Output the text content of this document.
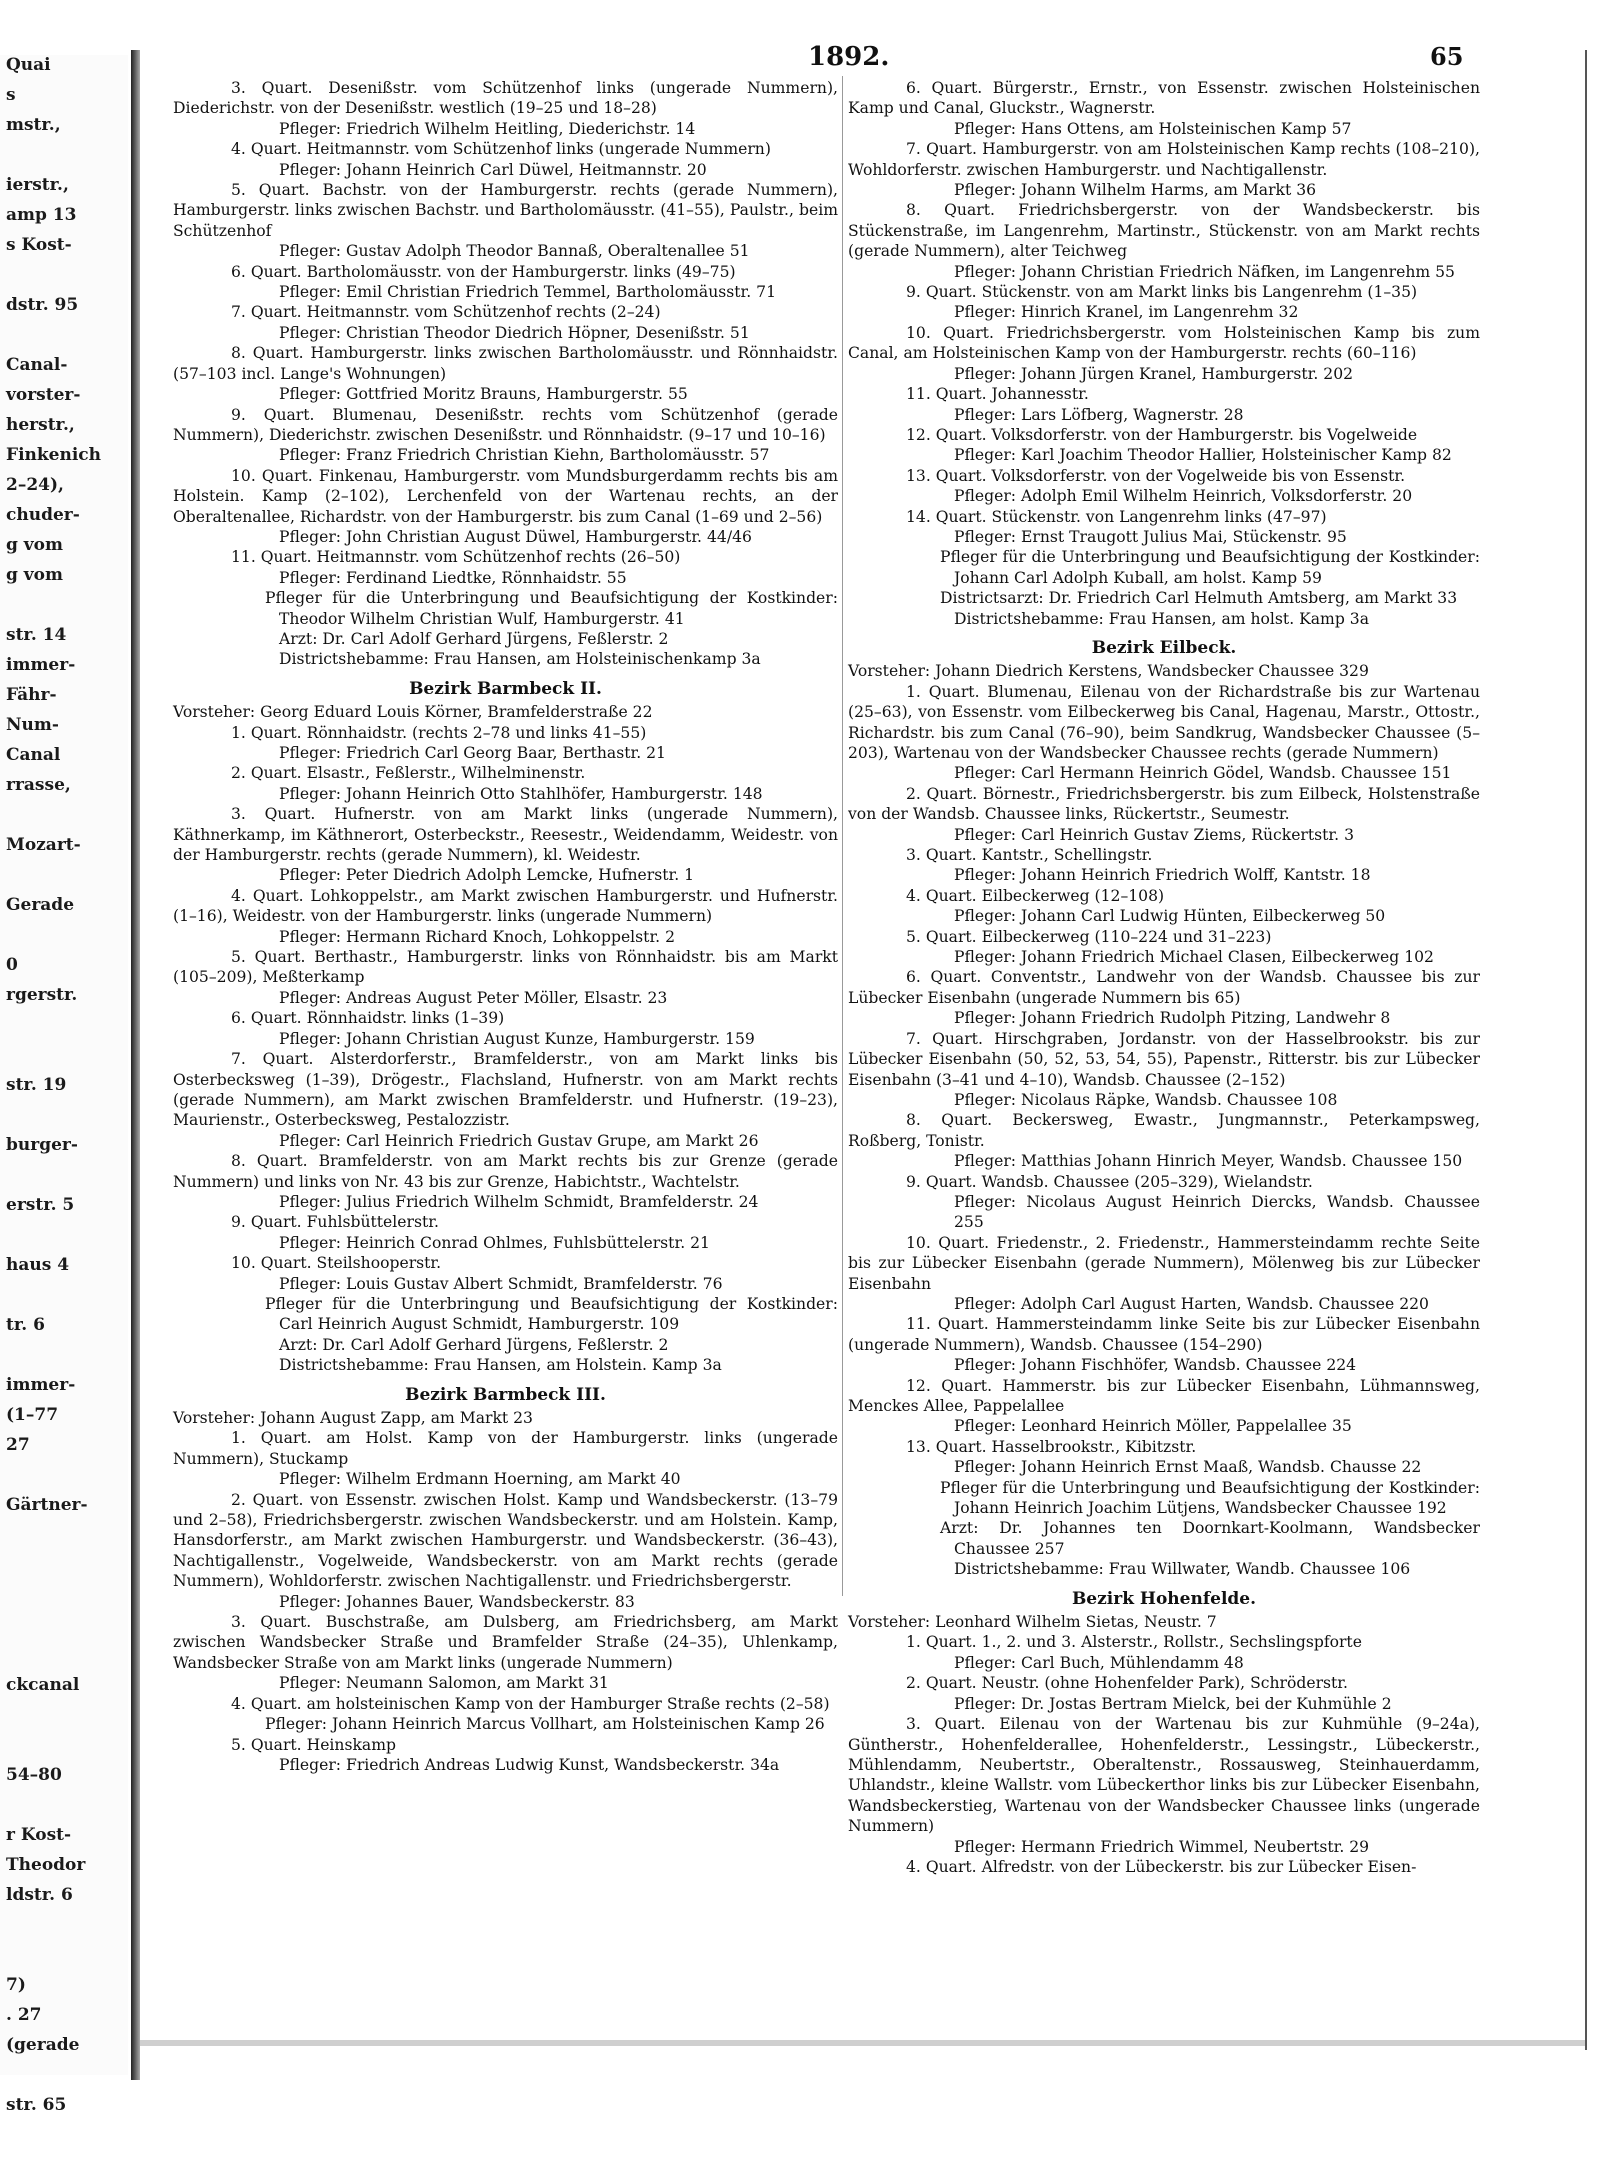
Quai
s
mstr.,
ierstr.,
amp 13
s Kost-
dstr. 95
Canal-
vorster-
herstr.,
Finkenich
2–24),
chuder-
g vom
g vom
str. 14
immer-
Fähr-
Num-
Canal
rrasse,
Mozart-
Gerade
0
rgerstr.
str. 19
burger-
erstr. 5
haus 4
tr. 6
immer-
(1–77
27
Gärtner-
ckcanal
54–80
r Kost-
Theodor
ldstr. 6
7)
. 27
(gerade
str. 65
1892.	65

3. Quart. Desenißstr. vom Schützenhof links (ungerade Nummern), Diederichstr. von der Desenißstr. westlich (19–25 und 18–28)

Pfleger: Friedrich Wilhelm Heitling, Diederichstr. 14

4. Quart. Heitmannstr. vom Schützenhof links (ungerade Nummern)

Pfleger: Johann Heinrich Carl Düwel, Heitmannstr. 20

5. Quart. Bachstr. von der Hamburgerstr. rechts (gerade Nummern), Hamburgerstr. links zwischen Bachstr. und Bartholomäusstr. (41–55), Paulstr., beim Schützenhof

Pfleger: Gustav Adolph Theodor Bannaß, Oberaltenallee 51

6. Quart. Bartholomäusstr. von der Hamburgerstr. links (49–75)

Pfleger: Emil Christian Friedrich Temmel, Bartholomäusstr. 71

7. Quart. Heitmannstr. vom Schützenhof rechts (2–24)

Pfleger: Christian Theodor Diedrich Höpner, Desenißstr. 51

8. Quart. Hamburgerstr. links zwischen Bartholomäusstr. und Rönnhaidstr. (57–103 incl. Lange's Wohnungen)

Pfleger: Gottfried Moritz Brauns, Hamburgerstr. 55

9. Quart. Blumenau, Desenißstr. rechts vom Schützenhof (gerade Nummern), Diederichstr. zwischen Desenißstr. und Rönnhaidstr. (9–17 und 10–16)

Pfleger: Franz Friedrich Christian Kiehn, Bartholomäusstr. 57

10. Quart. Finkenau, Hamburgerstr. vom Mundsburgerdamm rechts bis am Holstein. Kamp (2–102), Lerchenfeld von der Wartenau rechts, an der Oberaltenallee, Richardstr. von der Hamburgerstr. bis zum Canal (1–69 und 2–56)

Pfleger: John Christian August Düwel, Hamburgerstr. 44/46

11. Quart. Heitmannstr. vom Schützenhof rechts (26–50)

Pfleger: Ferdinand Liedtke, Rönnhaidstr. 55

Pfleger für die Unterbringung und Beaufsichtigung der Kostkinder: Theodor Wilhelm Christian Wulf, Hamburgerstr. 41

Arzt: Dr. Carl Adolf Gerhard Jürgens, Feßlerstr. 2

Districtshebamme: Frau Hansen, am Holsteinischenkamp 3a

Bezirk Barmbeck II.

Vorsteher: Georg Eduard Louis Körner, Bramfelderstraße 22

1. Quart. Rönnhaidstr. (rechts 2–78 und links 41–55)

Pfleger: Friedrich Carl Georg Baar, Berthastr. 21

2. Quart. Elsastr., Feßlerstr., Wilhelminenstr.

Pfleger: Johann Heinrich Otto Stahlhöfer, Hamburgerstr. 148

3. Quart. Hufnerstr. von am Markt links (ungerade Nummern), Käthnerkamp, im Käthnerort, Osterbeckstr., Reesestr., Weidendamm, Weidestr. von der Hamburgerstr. rechts (gerade Nummern), kl. Weidestr.

Pfleger: Peter Diedrich Adolph Lemcke, Hufnerstr. 1

4. Quart. Lohkoppelstr., am Markt zwischen Hamburgerstr. und Hufnerstr. (1–16), Weidestr. von der Hamburgerstr. links (ungerade Nummern)

Pfleger: Hermann Richard Knoch, Lohkoppelstr. 2

5. Quart. Berthastr., Hamburgerstr. links von Rönnhaidstr. bis am Markt (105–209), Meßterkamp

Pfleger: Andreas August Peter Möller, Elsastr. 23

6. Quart. Rönnhaidstr. links (1–39)

Pfleger: Johann Christian August Kunze, Hamburgerstr. 159

7. Quart. Alsterdorferstr., Bramfelderstr., von am Markt links bis Osterbecksweg (1–39), Drögestr., Flachsland, Hufnerstr. von am Markt rechts (gerade Nummern), am Markt zwischen Bramfelderstr. und Hufnerstr. (19–23), Maurienstr., Osterbecksweg, Pestalozzistr.

Pfleger: Carl Heinrich Friedrich Gustav Grupe, am Markt 26

8. Quart. Bramfelderstr. von am Markt rechts bis zur Grenze (gerade Nummern) und links von Nr. 43 bis zur Grenze, Habichtstr., Wachtelstr.

Pfleger: Julius Friedrich Wilhelm Schmidt, Bramfelderstr. 24

9. Quart. Fuhlsbüttelerstr.

Pfleger: Heinrich Conrad Ohlmes, Fuhlsbüttelerstr. 21

10. Quart. Steilshooperstr.

Pfleger: Louis Gustav Albert Schmidt, Bramfelderstr. 76

Pfleger für die Unterbringung und Beaufsichtigung der Kostkinder: Carl Heinrich August Schmidt, Hamburgerstr. 109

Arzt: Dr. Carl Adolf Gerhard Jürgens, Feßlerstr. 2

Districtshebamme: Frau Hansen, am Holstein. Kamp 3a

Bezirk Barmbeck III.

Vorsteher: Johann August Zapp, am Markt 23

1. Quart. am Holst. Kamp von der Hamburgerstr. links (ungerade Nummern), Stuckamp

Pfleger: Wilhelm Erdmann Hoerning, am Markt 40

2. Quart. von Essenstr. zwischen Holst. Kamp und Wandsbeckerstr. (13–79 und 2–58), Friedrichsbergerstr. zwischen Wandsbeckerstr. und am Holstein. Kamp, Hansdorferstr., am Markt zwischen Hamburgerstr. und Wandsbeckerstr. (36–43), Nachtigallenstr., Vogelweide, Wandsbeckerstr. von am Markt rechts (gerade Nummern), Wohldorferstr. zwischen Nachtigallenstr. und Friedrichsbergerstr.

Pfleger: Johannes Bauer, Wandsbeckerstr. 83

3. Quart. Buschstraße, am Dulsberg, am Friedrichsberg, am Markt zwischen Wandsbecker Straße und Bramfelder Straße (24–35), Uhlenkamp, Wandsbecker Straße von am Markt links (ungerade Nummern)

Pfleger: Neumann Salomon, am Markt 31

4. Quart. am holsteinischen Kamp von der Hamburger Straße rechts (2–58)

Pfleger: Johann Heinrich Marcus Vollhart, am Holsteinischen Kamp 26

5. Quart. Heinskamp

Pfleger: Friedrich Andreas Ludwig Kunst, Wandsbeckerstr. 34a

6. Quart. Bürgerstr., Ernstr., von Essenstr. zwischen Holsteinischen Kamp und Canal, Gluckstr., Wagnerstr.

Pfleger: Hans Ottens, am Holsteinischen Kamp 57

7. Quart. Hamburgerstr. von am Holsteinischen Kamp rechts (108–210), Wohldorferstr. zwischen Hamburgerstr. und Nachtigallenstr.

Pfleger: Johann Wilhelm Harms, am Markt 36

8. Quart. Friedrichsbergerstr. von der Wandsbeckerstr. bis Stückenstraße, im Langenrehm, Martinstr., Stückenstr. von am Markt rechts (gerade Nummern), alter Teichweg

Pfleger: Johann Christian Friedrich Näfken, im Langenrehm 55

9. Quart. Stückenstr. von am Markt links bis Langenrehm (1–35)

Pfleger: Hinrich Kranel, im Langenrehm 32

10. Quart. Friedrichsbergerstr. vom Holsteinischen Kamp bis zum Canal, am Holsteinischen Kamp von der Hamburgerstr. rechts (60–116)

Pfleger: Johann Jürgen Kranel, Hamburgerstr. 202

11. Quart. Johannesstr.

Pfleger: Lars Löfberg, Wagnerstr. 28

12. Quart. Volksdorferstr. von der Hamburgerstr. bis Vogelweide

Pfleger: Karl Joachim Theodor Hallier, Holsteinischer Kamp 82

13. Quart. Volksdorferstr. von der Vogelweide bis von Essenstr.

Pfleger: Adolph Emil Wilhelm Heinrich, Volksdorferstr. 20

14. Quart. Stückenstr. von Langenrehm links (47–97)

Pfleger: Ernst Traugott Julius Mai, Stückenstr. 95

Pfleger für die Unterbringung und Beaufsichtigung der Kostkinder: Johann Carl Adolph Kuball, am holst. Kamp 59

Districtsarzt: Dr. Friedrich Carl Helmuth Amtsberg, am Markt 33

Districtshebamme: Frau Hansen, am holst. Kamp 3a

Bezirk Eilbeck.

Vorsteher: Johann Diedrich Kerstens, Wandsbecker Chaussee 329

1. Quart. Blumenau, Eilenau von der Richardstraße bis zur Wartenau (25–63), von Essenstr. vom Eilbeckerweg bis Canal, Hagenau, Marstr., Ottostr., Richardstr. bis zum Canal (76–90), beim Sandkrug, Wandsbecker Chaussee (5–203), Wartenau von der Wandsbecker Chaussee rechts (gerade Nummern)

Pfleger: Carl Hermann Heinrich Gödel, Wandsb. Chaussee 151

2. Quart. Börnestr., Friedrichsbergerstr. bis zum Eilbeck, Holstenstraße von der Wandsb. Chaussee links, Rückertstr., Seumestr.

Pfleger: Carl Heinrich Gustav Ziems, Rückertstr. 3

3. Quart. Kantstr., Schellingstr.

Pfleger: Johann Heinrich Friedrich Wolff, Kantstr. 18

4. Quart. Eilbeckerweg (12–108)

Pfleger: Johann Carl Ludwig Hünten, Eilbeckerweg 50

5. Quart. Eilbeckerweg (110–224 und 31–223)

Pfleger: Johann Friedrich Michael Clasen, Eilbeckerweg 102

6. Quart. Conventstr., Landwehr von der Wandsb. Chaussee bis zur Lübecker Eisenbahn (ungerade Nummern bis 65)

Pfleger: Johann Friedrich Rudolph Pitzing, Landwehr 8

7. Quart. Hirschgraben, Jordanstr. von der Hasselbrookstr. bis zur Lübecker Eisenbahn (50, 52, 53, 54, 55), Papenstr., Ritterstr. bis zur Lübecker Eisenbahn (3–41 und 4–10), Wandsb. Chaussee (2–152)

Pfleger: Nicolaus Räpke, Wandsb. Chaussee 108

8. Quart. Beckersweg, Ewastr., Jungmannstr., Peterkampsweg, Roßberg, Tonistr.

Pfleger: Matthias Johann Hinrich Meyer, Wandsb. Chaussee 150

9. Quart. Wandsb. Chaussee (205–329), Wielandstr.

Pfleger: Nicolaus August Heinrich Diercks, Wandsb. Chaussee 255

10. Quart. Friedenstr., 2. Friedenstr., Hammersteindamm rechte Seite bis zur Lübecker Eisenbahn (gerade Nummern), Mölenweg bis zur Lübecker Eisenbahn

Pfleger: Adolph Carl August Harten, Wandsb. Chaussee 220

11. Quart. Hammersteindamm linke Seite bis zur Lübecker Eisenbahn (ungerade Nummern), Wandsb. Chaussee (154–290)

Pfleger: Johann Fischhöfer, Wandsb. Chaussee 224

12. Quart. Hammerstr. bis zur Lübecker Eisenbahn, Lühmannsweg, Menckes Allee, Pappelallee

Pfleger: Leonhard Heinrich Möller, Pappelallee 35

13. Quart. Hasselbrookstr., Kibitzstr.

Pfleger: Johann Heinrich Ernst Maaß, Wandsb. Chausse 22

Pfleger für die Unterbringung und Beaufsichtigung der Kostkinder: Johann Heinrich Joachim Lütjens, Wandsbecker Chaussee 192

Arzt: Dr. Johannes ten Doornkart-Koolmann, Wandsbecker Chaussee 257

Districtshebamme: Frau Willwater, Wandb. Chaussee 106

Bezirk Hohenfelde.

Vorsteher: Leonhard Wilhelm Sietas, Neustr. 7

1. Quart. 1., 2. und 3. Alsterstr., Rollstr., Sechslingspforte

Pfleger: Carl Buch, Mühlendamm 48

2. Quart. Neustr. (ohne Hohenfelder Park), Schröderstr.

Pfleger: Dr. Jostas Bertram Mielck, bei der Kuhmühle 2

3. Quart. Eilenau von der Wartenau bis zur Kuhmühle (9–24a), Güntherstr., Hohenfelderallee, Hohenfelderstr., Lessingstr., Lübeckerstr., Mühlendamm, Neubertstr., Oberaltenstr., Rossausweg, Steinhauerdamm, Uhlandstr., kleine Wallstr. vom Lübeckerthor links bis zur Lübecker Eisenbahn, Wandsbeckerstieg, Wartenau von der Wandsbecker Chaussee links (ungerade Nummern)

Pfleger: Hermann Friedrich Wimmel, Neubertstr. 29

4. Quart. Alfredstr. von der Lübeckerstr. bis zur Lübecker Eisen-
